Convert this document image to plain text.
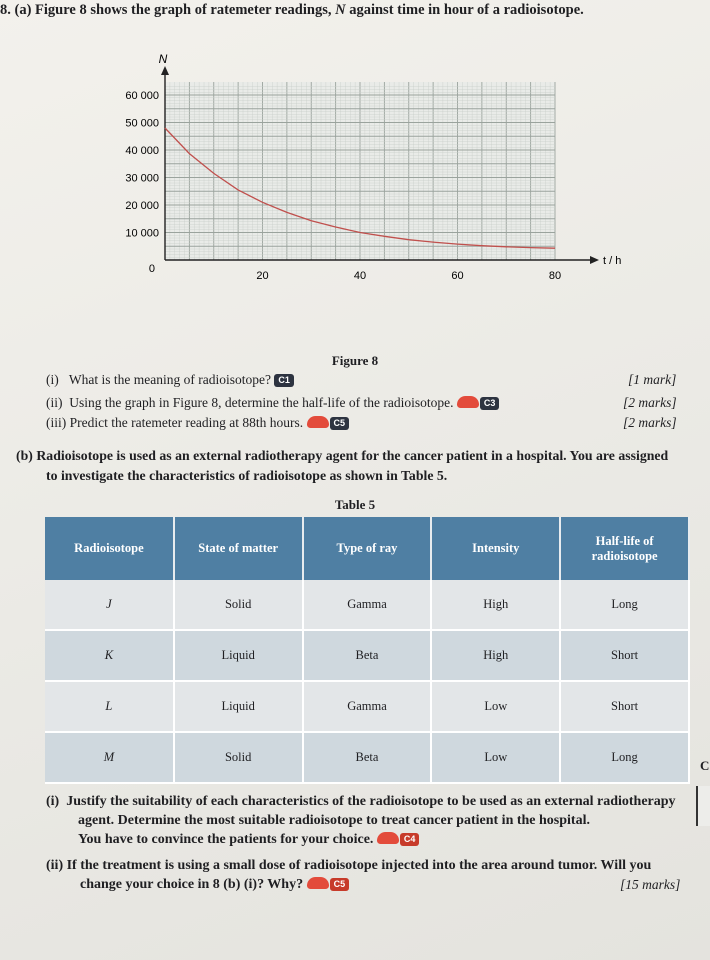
8. (a) Figure 8 shows the graph of ratemeter readings, N against time in hour of a radioisotope.
N
t / h
60 000
50 000
40 000
30 000
20 000
10 000
0
20	40	60	80
Figure 8
(i) What is the meaning of radioisotope? C1	[1 mark]
(ii) Using the graph in Figure 8, determine the half-life of the radioisotope.	C3	[2 marks]
(iii) Predict the ratemeter reading at 88th hours.	C5	[2 marks]
(b) Radioisotope is used as an external radiotherapy agent for the cancer patient in a hospital. You are assigned
to investigate the characteristics of radioisotope as shown in Table 5.
Table 5
Radioisotope	State of matter	Type of ray	Intensity	Half-life of radioisotope
J	Solid	Gamma	High	Long
K	Liquid	Beta	High	Short
L	Liquid	Gamma	Low	Short
M	Solid	Beta	Low	Long
(i) Justify the suitability of each characteristics of the radioisotope to be used as an external radiotherapy
agent. Determine the most suitable radioisotope to treat cancer patient in the hospital.
You have to convince the patients for your choice.	C4
(ii) If the treatment is using a small dose of radioisotope injected into the area around tumor. Will you
change your choice in 8 (b) (i)? Why?	C5	[15 marks]
C
